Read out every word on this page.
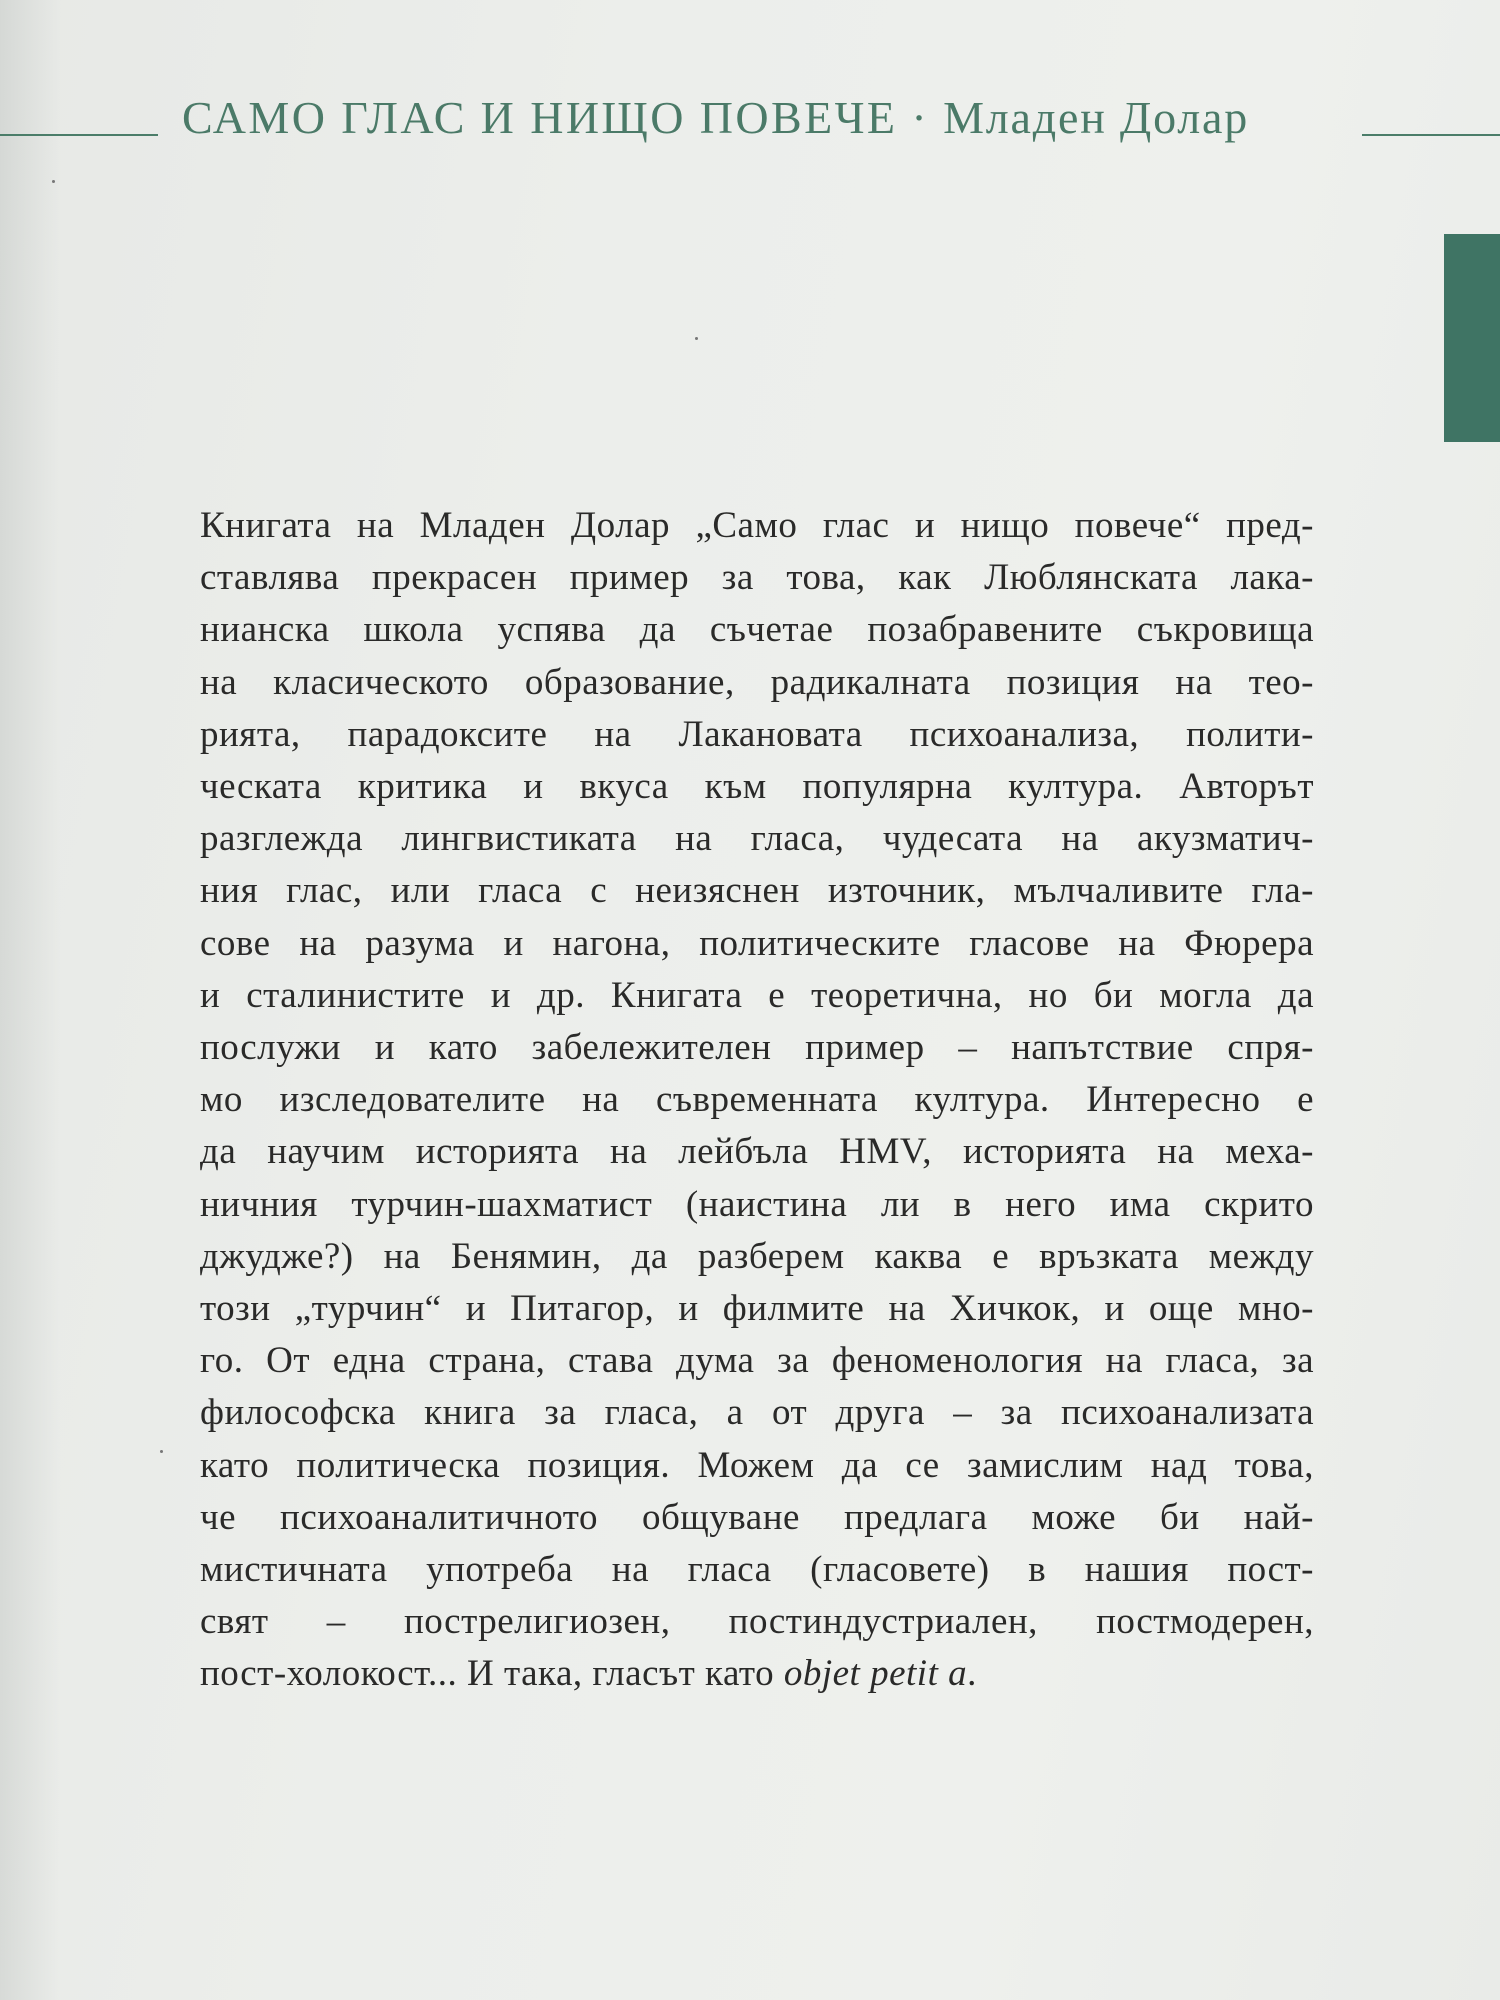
САМО ГЛАС И НИЩО ПОВЕЧЕ · Младен Долар
Книгата на Младен Долар „Само глас и нищо повече“ пред-
ставлява прекрасен пример за това, как Люблянската лака-
нианска школа успява да съчетае позабравените съкровища
на класическото образование, радикалната позиция на тео-
рията, парадоксите на Лакановата психоанализа, полити-
ческата критика и вкуса към популярна култура. Авторът
разглежда лингвистиката на гласа, чудесата на акузматич-
ния глас, или гласа с неизяснен източник, мълчаливите гла-
сове на разума и нагона, политическите гласове на Фюрера
и сталинистите и др. Книгата е теоретична, но би могла да
послужи и като забележителен пример – напътствие спря-
мо изследователите на съвременната култура. Интересно е
да научим историята на лейбъла HMV, историята на меха-
ничния турчин-шахматист (наистина ли в него има скрито
джудже?) на Бенямин, да разберем каква е връзката между
този „турчин“ и Питагор, и филмите на Хичкок, и още мно-
го. От една страна, става дума за феноменология на гласа, за
философска книга за гласа, а от друга – за психоанализата
като политическа позиция. Можем да се замислим над това,
че психоаналитичното общуване предлага може би най-
мистичната употреба на гласа (гласовете) в нашия пост-
свят – пострелигиозен, постиндустриален, постмодерен,
пост-холокост... И така, гласът като objet petit a.
